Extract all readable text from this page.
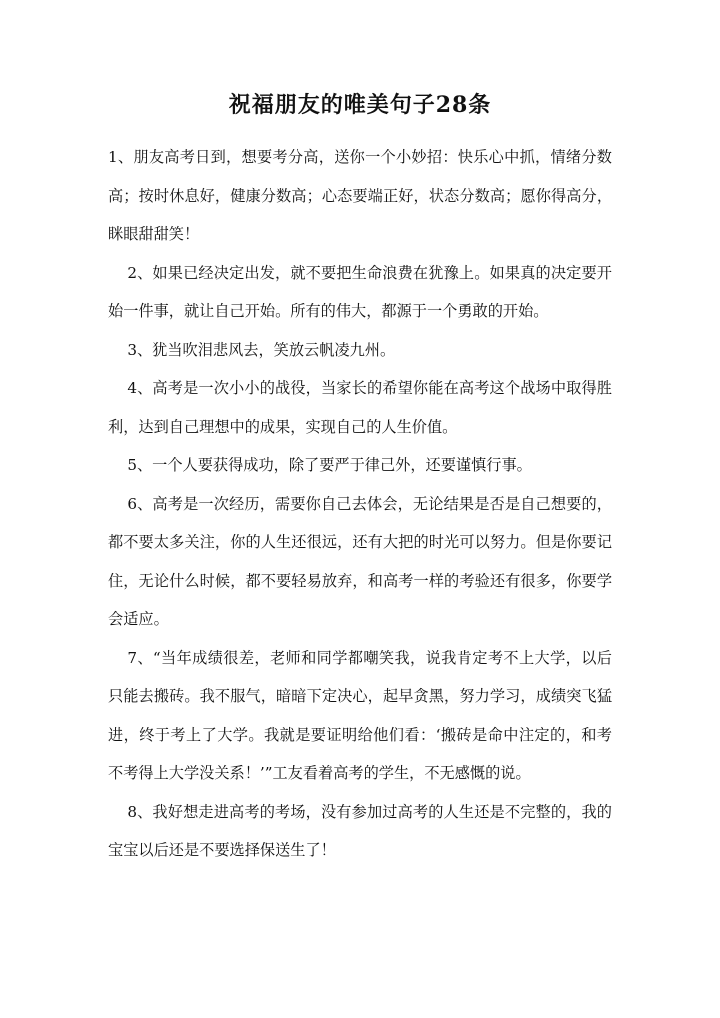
祝福朋友的唯美句子28条

1、朋友高考日到，想要考分高，送你一个小妙招：快乐心中抓，情绪分数高；按时休息好，健康分数高；心态要端正好，状态分数高；愿你得高分，眯眼甜甜笑！

2、如果已经决定出发，就不要把生命浪费在犹豫上。如果真的决定要开始一件事，就让自己开始。所有的伟大，都源于一个勇敢的开始。

3、犹当吹泪悲风去，笑放云帆凌九州。

4、高考是一次小小的战役，当家长的希望你能在高考这个战场中取得胜利，达到自己理想中的成果，实现自己的人生价值。

5、一个人要获得成功，除了要严于律己外，还要谨慎行事。

6、高考是一次经历，需要你自己去体会，无论结果是否是自己想要的，都不要太多关注，你的人生还很远，还有大把的时光可以努力。但是你要记住，无论什么时候，都不要轻易放弃，和高考一样的考验还有很多，你要学会适应。

7、“当年成绩很差，老师和同学都嘲笑我，说我肯定考不上大学，以后只能去搬砖。我不服气，暗暗下定决心，起早贪黑，努力学习，成绩突飞猛进，终于考上了大学。我就是要证明给他们看：‘搬砖是命中注定的，和考不考得上大学没关系！’”工友看着高考的学生，不无感慨的说。

8、我好想走进高考的考场，没有参加过高考的人生还是不完整的，我的宝宝以后还是不要选择保送生了！
